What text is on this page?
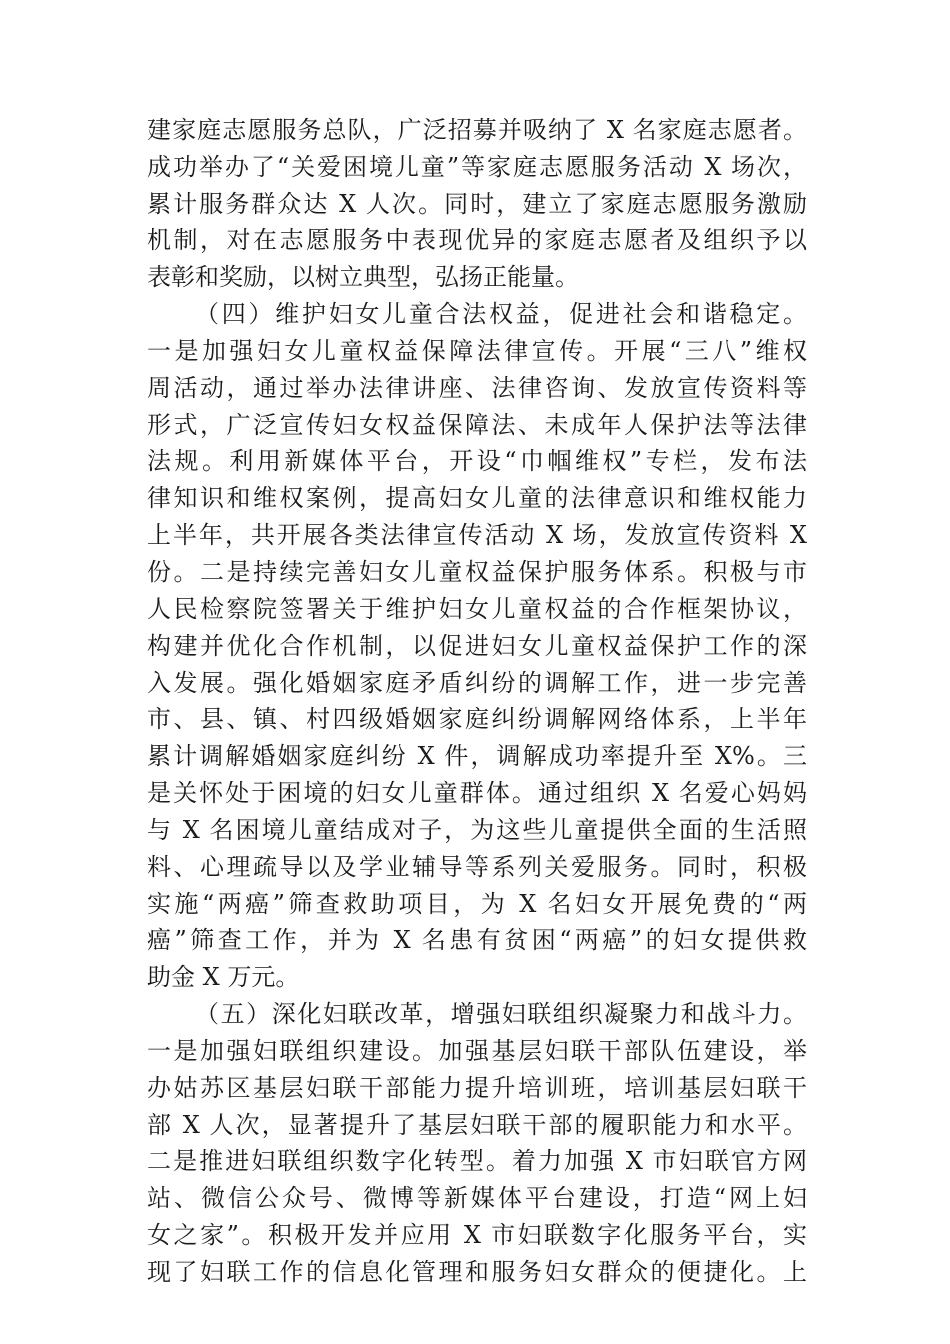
建家庭志愿服务总队，广泛招募并吸纳了 X 名家庭志愿者。
成功举办了“关爱困境儿童”等家庭志愿服务活动 X 场次，
累计服务群众达 X 人次。同时，建立了家庭志愿服务激励
机制，对在志愿服务中表现优异的家庭志愿者及组织予以
表彰和奖励，以树立典型，弘扬正能量。
（四）维护妇女儿童合法权益，促进社会和谐稳定。
一是加强妇女儿童权益保障法律宣传。开展“三八”维权
周活动，通过举办法律讲座、法律咨询、发放宣传资料等
形式，广泛宣传妇女权益保障法、未成年人保护法等法律
法规。利用新媒体平台，开设“巾帼维权”专栏，发布法
律知识和维权案例，提高妇女儿童的法律意识和维权能力
上半年，共开展各类法律宣传活动 X 场，发放宣传资料 X
份。二是持续完善妇女儿童权益保护服务体系。积极与市
人民检察院签署关于维护妇女儿童权益的合作框架协议，
构建并优化合作机制，以促进妇女儿童权益保护工作的深
入发展。强化婚姻家庭矛盾纠纷的调解工作，进一步完善
市、县、镇、村四级婚姻家庭纠纷调解网络体系，上半年
累计调解婚姻家庭纠纷 X 件，调解成功率提升至 X%。三
是关怀处于困境的妇女儿童群体。通过组织 X 名爱心妈妈
与 X 名困境儿童结成对子，为这些儿童提供全面的生活照
料、心理疏导以及学业辅导等系列关爱服务。同时，积极
实施“两癌”筛查救助项目，为 X 名妇女开展免费的“两
癌”筛查工作，并为 X 名患有贫困“两癌”的妇女提供救
助金 X 万元。
（五）深化妇联改革，增强妇联组织凝聚力和战斗力。
一是加强妇联组织建设。加强基层妇联干部队伍建设，举
办姑苏区基层妇联干部能力提升培训班，培训基层妇联干
部 X 人次，显著提升了基层妇联干部的履职能力和水平。
二是推进妇联组织数字化转型。着力加强 X 市妇联官方网
站、微信公众号、微博等新媒体平台建设，打造“网上妇
女之家”。积极开发并应用 X 市妇联数字化服务平台，实
现了妇联工作的信息化管理和服务妇女群众的便捷化。上
